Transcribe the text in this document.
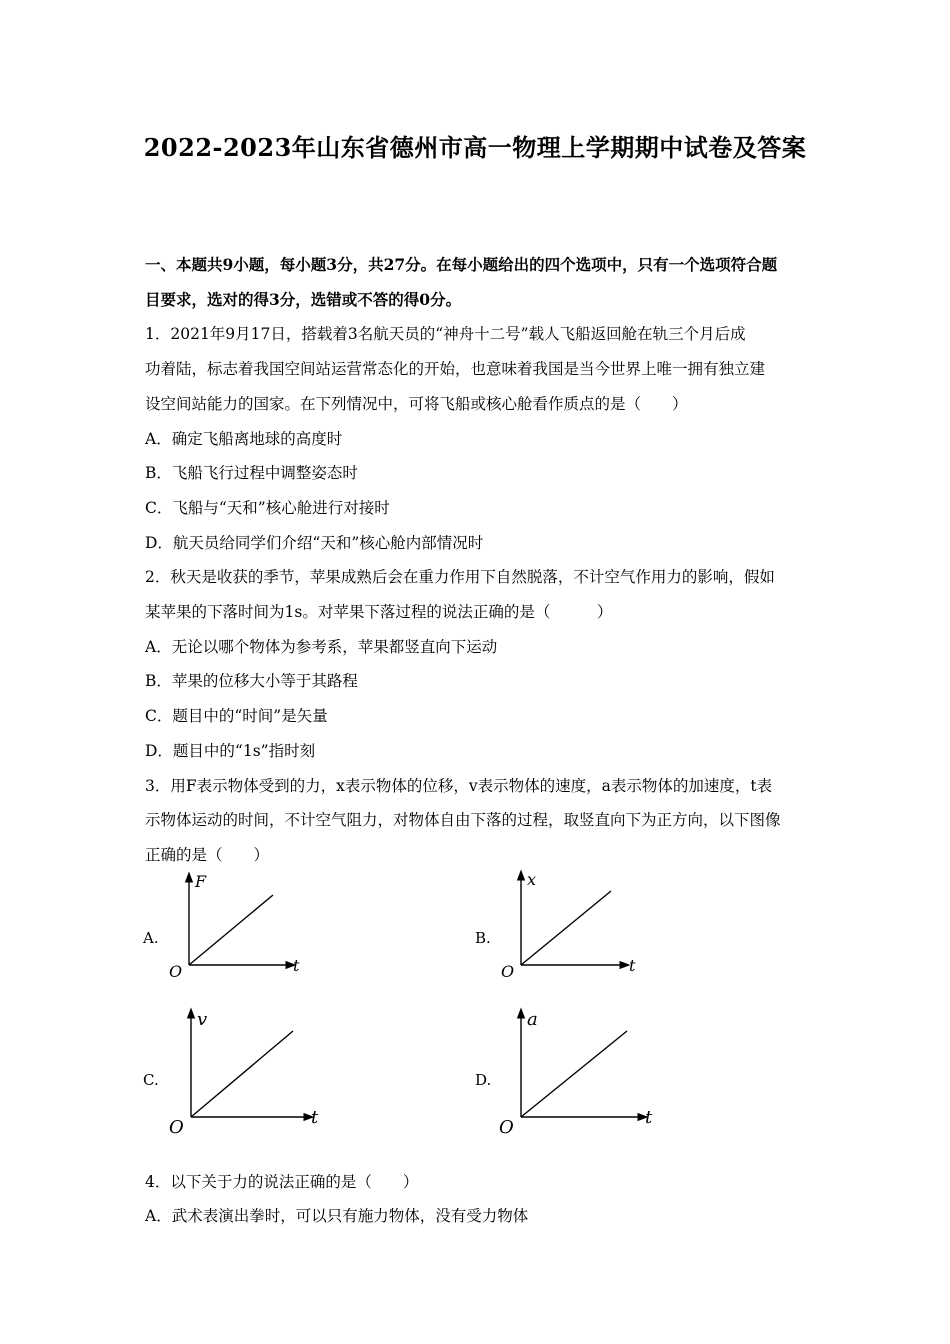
2022-2023年山东省德州市高一物理上学期期中试卷及答案

一、本题共9小题，每小题3分，共27分。在每小题给出的四个选项中，只有一个选项符合题

目要求，选对的得3分，选错或不答的得0分。

1．2021年9月17日，搭载着3名航天员的“神舟十二号”载人飞船返回舱在轨三个月后成

功着陆，标志着我国空间站运营常态化的开始，也意味着我国是当今世界上唯一拥有独立建

设空间站能力的国家。在下列情况中，可将飞船或核心舱看作质点的是（　　）

A．确定飞船离地球的高度时

B．飞船飞行过程中调整姿态时

C．飞船与“天和”核心舱进行对接时

D．航天员给同学们介绍“天和”核心舱内部情况时

2．秋天是收获的季节，苹果成熟后会在重力作用下自然脱落，不计空气作用力的影响，假如

某苹果的下落时间为1s。对苹果下落过程的说法正确的是（　　　）

A．无论以哪个物体为参考系，苹果都竖直向下运动

B．苹果的位移大小等于其路程

C．题目中的“时间”是矢量

D．题目中的“1s”指时刻

3．用F表示物体受到的力，x表示物体的位移，v表示物体的速度，a表示物体的加速度，t表

示物体运动的时间，不计空气阻力，对物体自由下落的过程，取竖直向下为正方向，以下图像

正确的是（　　）

A.
F
t
O
B.
x
t
O
C.
v
t
O
D.
a
t
O

4．以下关于力的说法正确的是（　　）

A．武术表演出拳时，可以只有施力物体，没有受力物体
